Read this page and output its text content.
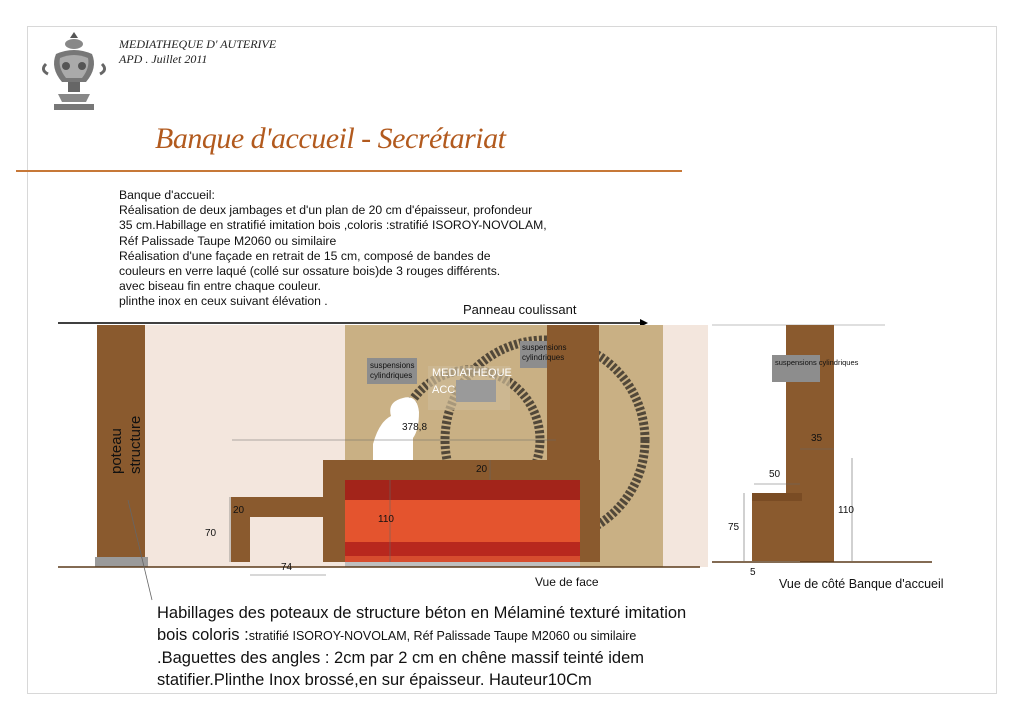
MEDIATHEQUE D' AUTERIVE
APD . Juillet 2011
Banque d'accueil - Secrétariat
Banque d'accueil:
Réalisation de deux jambages et d'un plan de 20 cm d'épaisseur, profondeur
35 cm.Habillage en stratifié imitation bois ,coloris :stratifié ISOROY-NOVOLAM,
Réf Palissade Taupe M2060 ou similaire
Réalisation d'une façade en retrait de 15 cm, composé de bandes de
couleurs en verre laqué (collé sur ossature bois)de 3 rouges différents.
avec biseau fin entre chaque couleur.
plinthe inox en ceux suivant élévation .
Panneau coulissant
poteau structure
suspensions cylindriques
suspensions cylindriques
suspensions cylindriques
MEDIATHEQUE
ACC
378,8
20
110
20
70
74
35
50
75
110
5
Vue de face	Vue de côté Banque d'accueil
Habillages des poteaux de structure béton en Mélaminé texturé imitation
bois coloris :stratifié ISOROY-NOVOLAM, Réf Palissade Taupe M2060 ou similaire
.Baguettes des angles : 2cm par 2 cm en chêne massif teinté idem
statifier.Plinthe Inox brossé,en sur épaisseur. Hauteur10Cm
